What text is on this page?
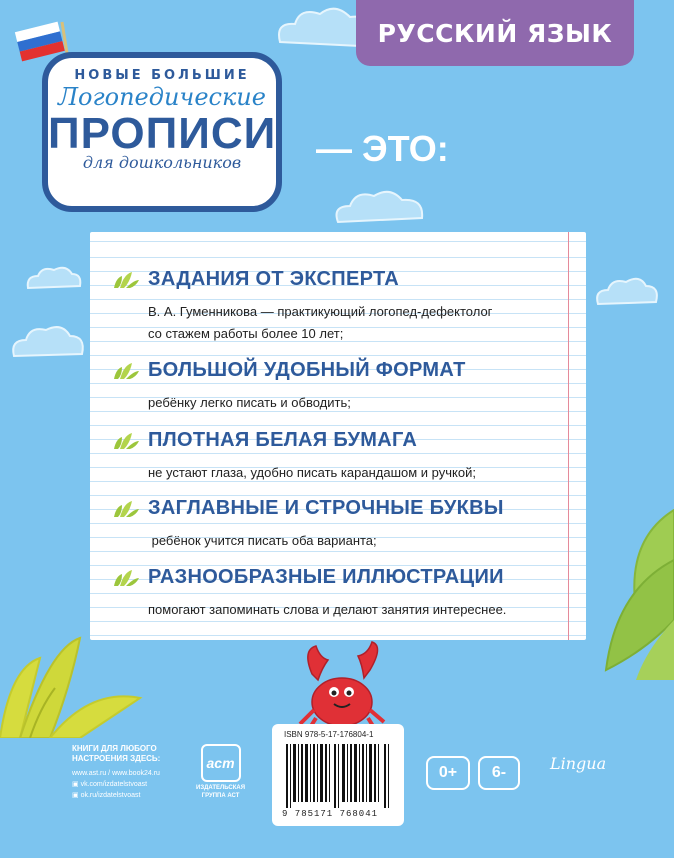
РУССКИЙ ЯЗЫК
НОВЫЕ БОЛЬШИЕ
Логопедические
ПРОПИСИ
для дошкольников	— ЭТО:
ЗАДАНИЯ ОТ ЭКСПЕРТА
В. А. Гуменникова — практикующий логопед-дефектолог
со стажем работы более 10 лет;
БОЛЬШОЙ УДОБНЫЙ ФОРМАТ
ребёнку легко писать и обводить;
ПЛОТНАЯ БЕЛАЯ БУМАГА
не устают глаза, удобно писать карандашом и ручкой;
ЗАГЛАВНЫЕ И СТРОЧНЫЕ БУКВЫ
ребёнок учится писать оба варианта;
РАЗНООБРАЗНЫЕ ИЛЛЮСТРАЦИИ
помогают запоминать слова и делают занятия интереснее.
КНИГИ ДЛЯ ЛЮБОГО
НАСТРОЕНИЯ ЗДЕСЬ:
www.ast.ru / www.book24.ru
▣ vk.com/izdatelstvoast
▣ ok.ru/izdatelstvoast
аст
ИЗДАТЕЛЬСКАЯ
ГРУППА АСТ
ISBN 978-5-17-176804-1
9 785171 768041
0+	6-	Lingua
